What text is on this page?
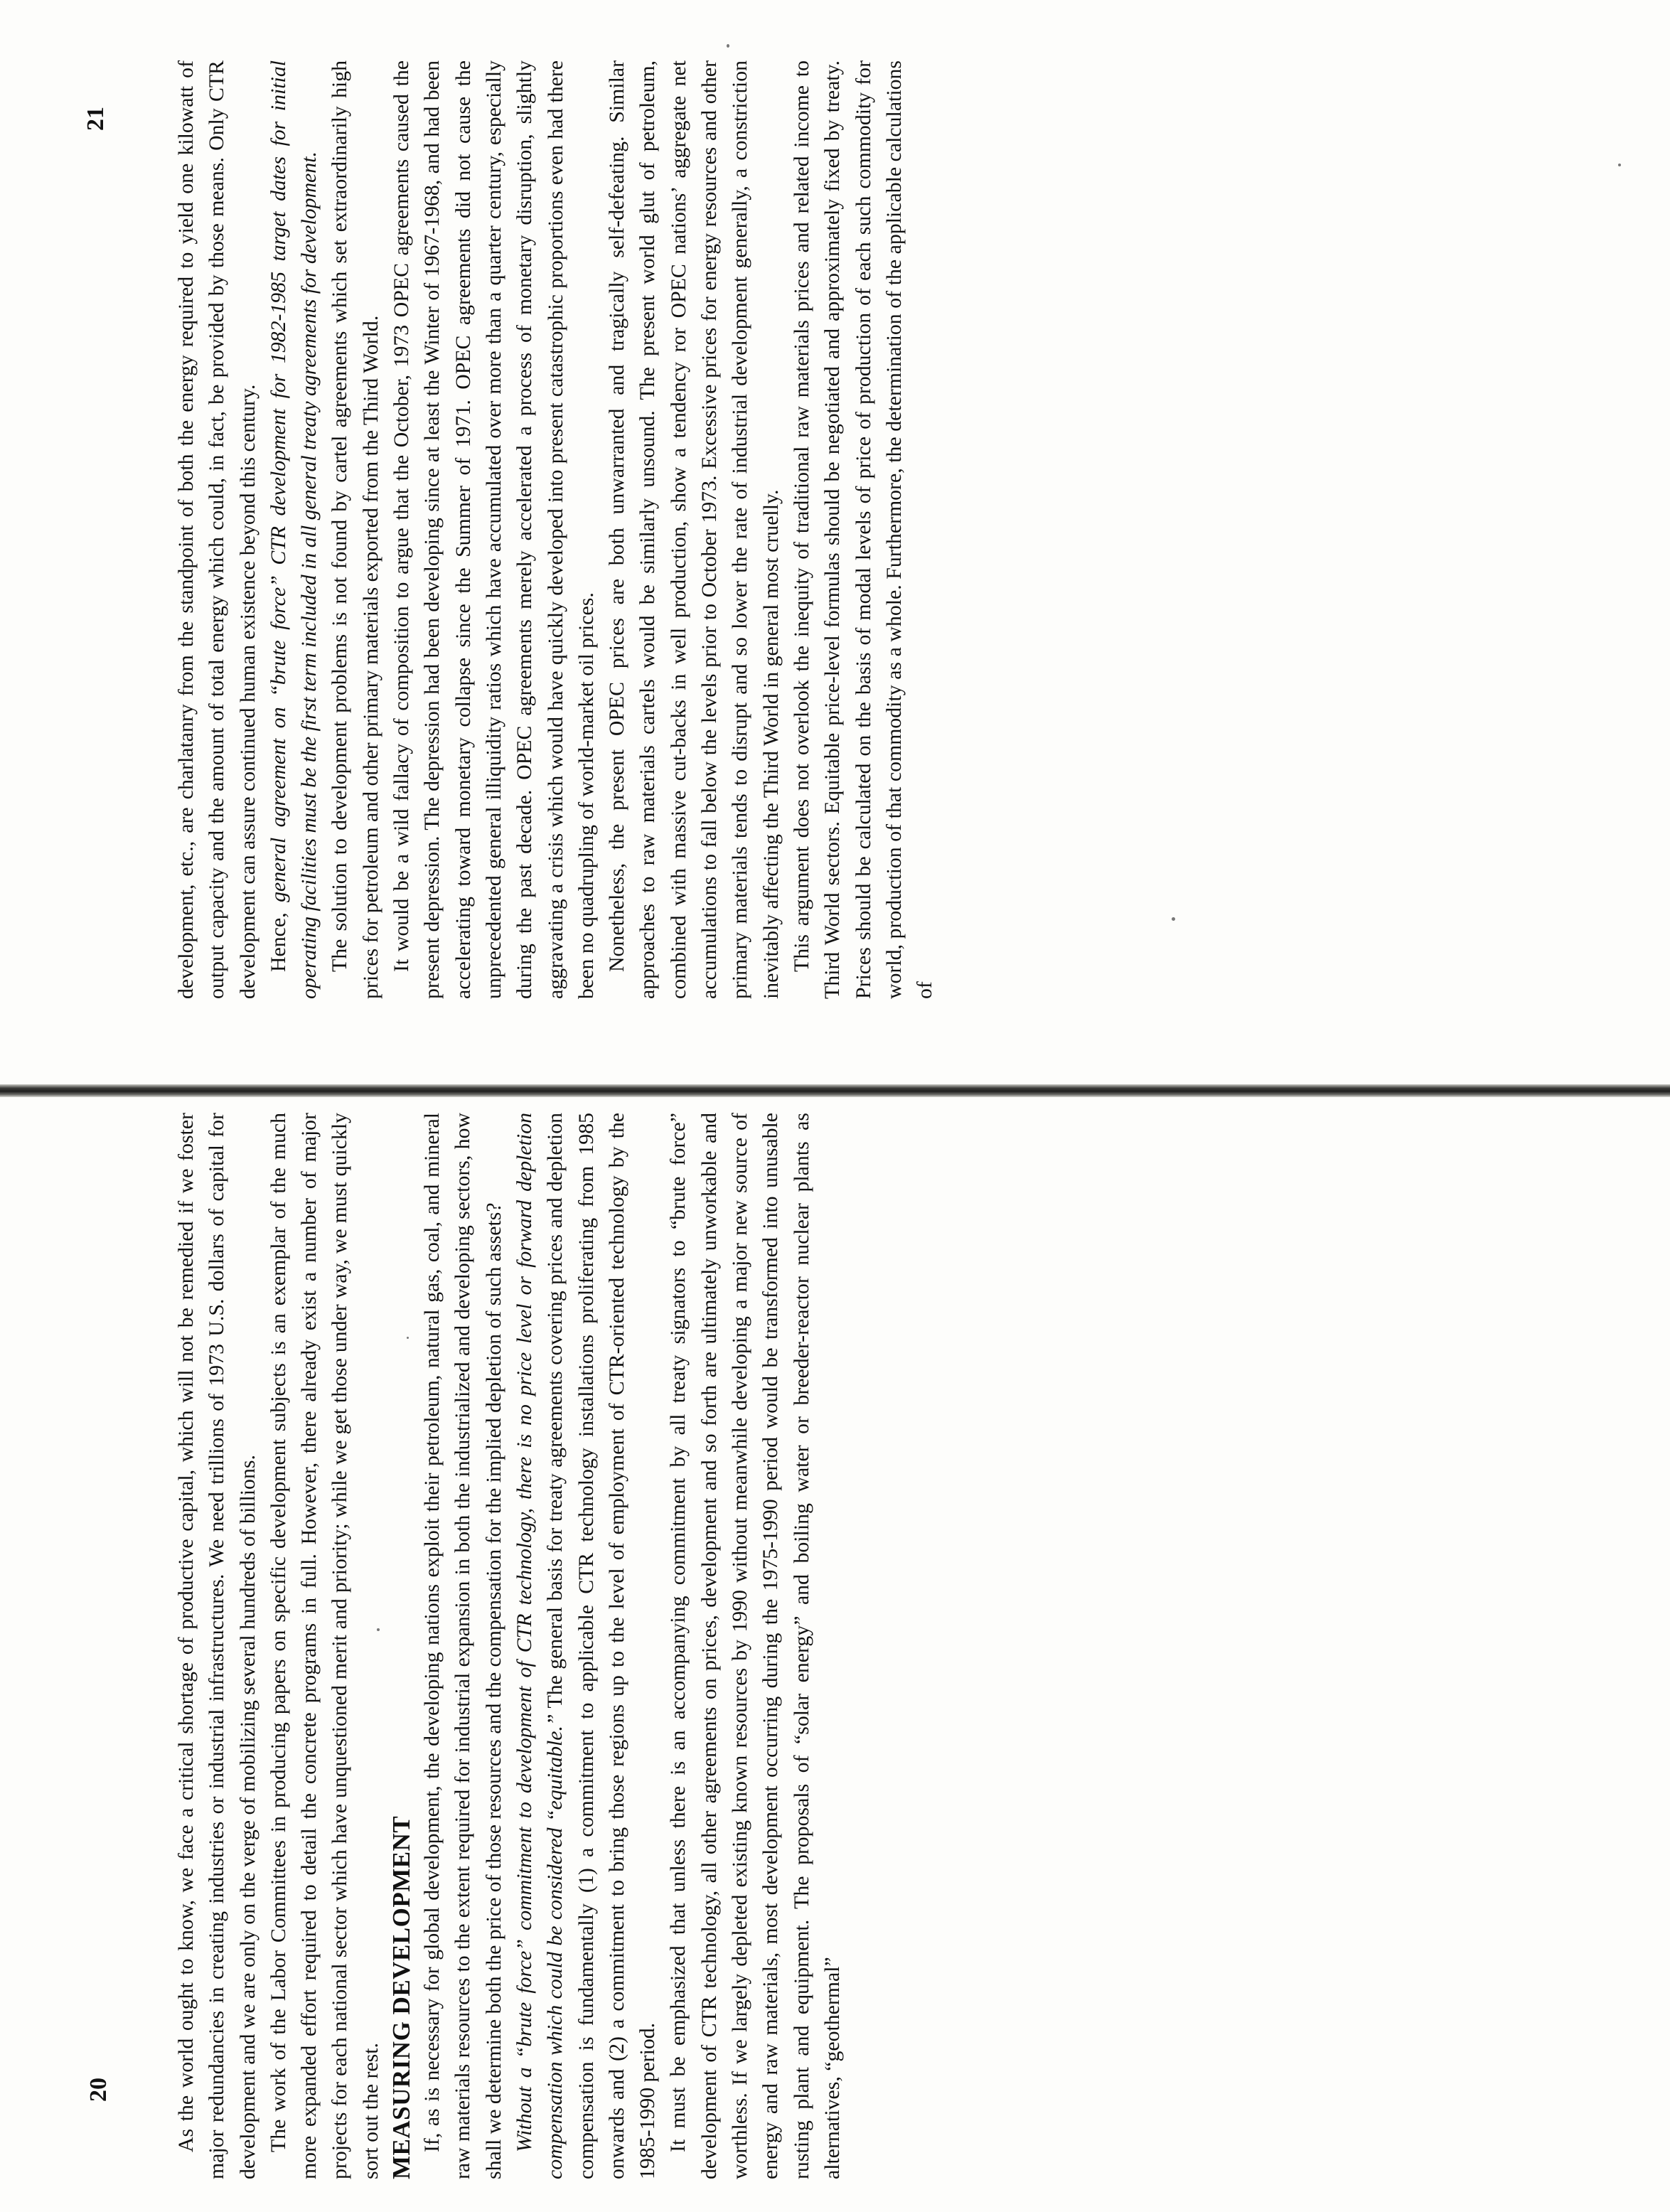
20
21

As the world ought to know, we face a critical shortage of productive capital, which will not be remedied if we foster major redundancies in creating industries or industrial infrastructures. We need trillions of 1973 U.S. dollars of capital for development and we are only on the verge of mobilizing several hundreds of billions. The work of the Labor Committees in producing papers on specific development subjects is an exemplar of the much more expanded effort required to detail the concrete programs in full. However, there already exist a number of major projects for each national sector which have unquestioned merit and priority; while we get those under way, we must quickly sort out the rest. MEASURING DEVELOPMENT If, as is necessary for global development, the developing nations exploit their petroleum, natural gas, coal, and mineral raw materials resources to the extent required for industrial expansion in both the industrialized and developing sectors, how shall we determine both the price of those resources and the compensation for the implied depletion of such assets? Without a “brute force” commitment to development of CTR technology, there is no price level or forward depletion compensation which could be considered “equitable.” The general basis for treaty agreements covering prices and depletion compensation is fundamentally (1) a commitment to applicable CTR technology installations proliferating from 1985 onwards and (2) a commitment to bring those regions up to the level of employment of CTR-oriented technology by the 1985-1990 period. It must be emphasized that unless there is an accompanying commitment by all treaty signators to “brute force” development of CTR technology, all other agreements on prices, development and so forth are ultimately unworkable and worthless. If we largely depleted existing known resources by 1990 without meanwhile developing a major new source of energy and raw materials, most development occurring during the 1975-1990 period would be transformed into unusable rusting plant and equipment. The proposals of “solar energy” and boiling water or breeder-reactor nuclear plants as alternatives, “geothermal”

development, etc., are charlatanry from the standpoint of both the energy required to yield one kilowatt of output capacity and the amount of total energy which could, in fact, be provided by those means. Only CTR development can assure continued human existence beyond this century. Hence, general agreement on “brute force” CTR development for 1982-1985 target dates for initial operating facilities must be the first term included in all general treaty agreements for development. The solution to development problems is not found by cartel agreements which set extraordinarily high prices for petroleum and other primary materials exported from the Third World. It would be a wild fallacy of composition to argue that the October, 1973 OPEC agreements caused the present depression. The depression had been developing since at least the Winter of 1967-1968, and had been accelerating toward monetary collapse since the Summer of 1971. OPEC agreements did not cause the unprecedented general illiquidity ratios which have accumulated over more than a quarter century, especially during the past decade. OPEC agreements merely accelerated a process of monetary disruption, slightly aggravating a crisis which would have quickly developed into present catastrophic proportions even had there been no quadrupling of world-market oil prices. Nonetheless, the present OPEC prices are both unwarranted and tragically self-defeating. Similar approaches to raw materials cartels would be similarly unsound. The present world glut of petroleum, combined with massive cut-backs in well production, show a tendency ror OPEC nations’ aggregate net accumulations to fall below the levels prior to October 1973. Excessive prices for energy resources and other primary materials tends to disrupt and so lower the rate of industrial development generally, a constriction inevitably affecting the Third World in general most cruelly. This argument does not overlook the inequity of traditional raw materials prices and related income to Third World sectors. Equitable price-level formulas should be negotiated and approximately fixed by treaty. Prices should be calculated on the basis of modal levels of price of production of each such commodity for world, production of that commodity as a whole. Furthermore, the determination of the applicable calculations of
